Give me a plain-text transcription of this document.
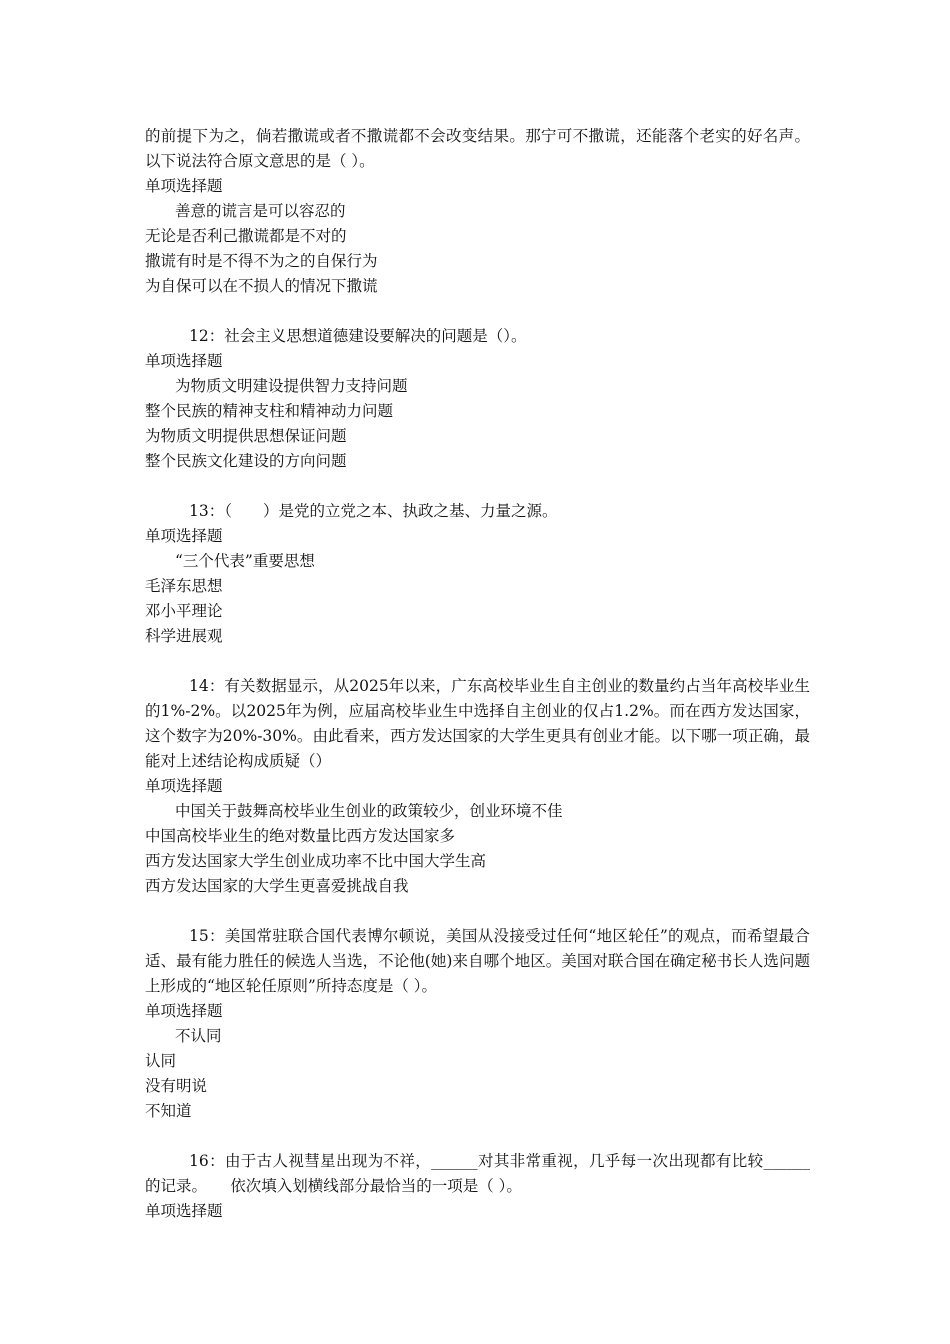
的前提下为之，倘若撒谎或者不撒谎都不会改变结果。那宁可不撒谎，还能落个老实的好名声。以下说法符合原文意思的是（ ）。
单项选择题
善意的谎言是可以容忍的
无论是否利己撒谎都是不对的
撒谎有时是不得不为之的自保行为
为自保可以在不损人的情况下撒谎
12：社会主义思想道德建设要解决的问题是（）。
单项选择题
为物质文明建设提供智力支持问题
整个民族的精神支柱和精神动力问题
为物质文明提供思想保证问题
整个民族文化建设的方向问题
13：（　　）是党的立党之本、执政之基、力量之源。
单项选择题
“三个代表”重要思想
毛泽东思想
邓小平理论
科学进展观
14：有关数据显示，从2025年以来，广东高校毕业生自主创业的数量约占当年高校毕业生的1%-2%。以2025年为例，应届高校毕业生中选择自主创业的仅占1.2%。而在西方发达国家，这个数字为20%-30%。由此看来，西方发达国家的大学生更具有创业才能。以下哪一项正确，最能对上述结论构成质疑（）
单项选择题
中国关于鼓舞高校毕业生创业的政策较少，创业环境不佳
中国高校毕业生的绝对数量比西方发达国家多
西方发达国家大学生创业成功率不比中国大学生高
西方发达国家的大学生更喜爱挑战自我
15：美国常驻联合国代表博尔顿说，美国从没接受过任何“地区轮任”的观点，而希望最合适、最有能力胜任的候选人当选，不论他(她)来自哪个地区。美国对联合国在确定秘书长人选问题上形成的“地区轮任原则”所持态度是（ ）。
单项选择题
不认同
认同
没有明说
不知道
16：由于古人视彗星出现为不祥，______对其非常重视，几乎每一次出现都有比较______的记录。　　依次填入划横线部分最恰当的一项是（ ）。
单项选择题
